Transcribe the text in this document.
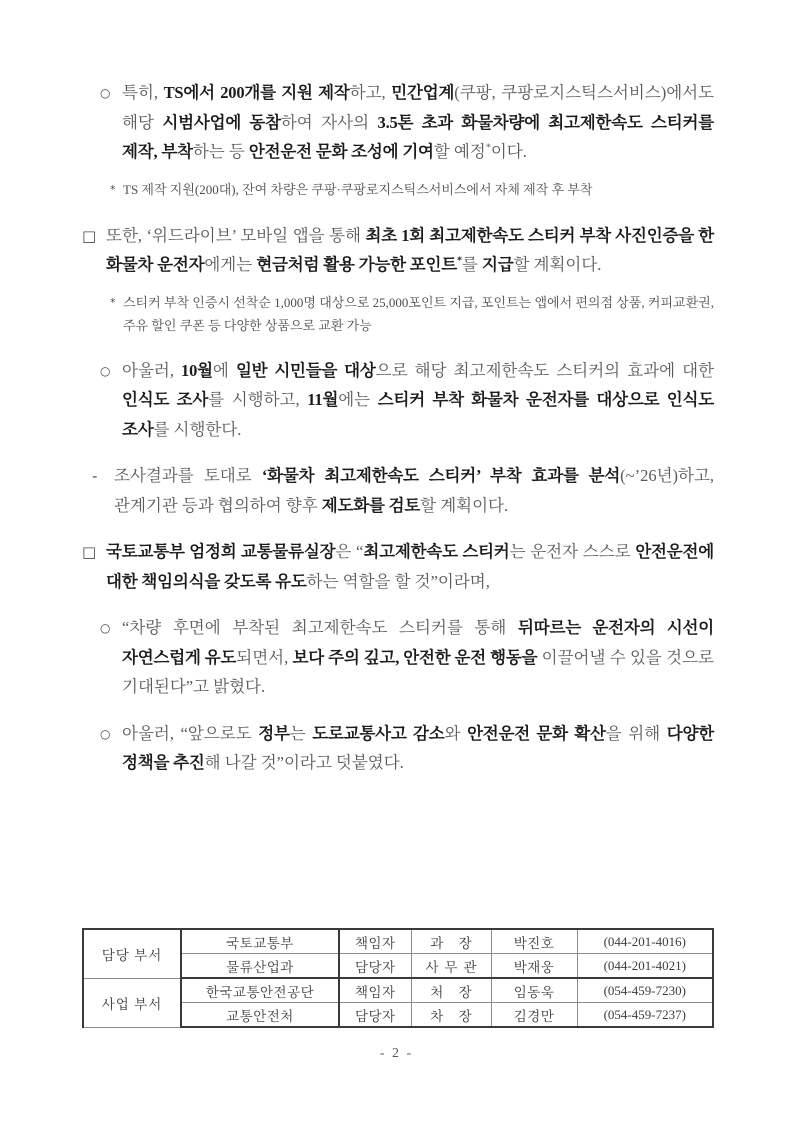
○ 특히, TS에서 200개를 지원 제작하고, 민간업계(쿠팡, 쿠팡로지스틱스서비스)에서도 해당 시범사업에 동참하여 자사의 3.5톤 초과 화물차량에 최고제한속도 스티커를 제작, 부착하는 등 안전운전 문화 조성에 기여할 예정*이다.
* TS 제작 지원(200대), 잔여 차량은 쿠팡·쿠팡로지스틱스서비스에서 자체 제작 후 부착
□ 또한, ‘위드라이브’ 모바일 앱을 통해 최초 1회 최고제한속도 스티커 부착 사진인증을 한 화물차 운전자에게는 현금처럼 활용 가능한 포인트*를 지급할 계획이다.
* 스티커 부착 인증시 선착순 1,000명 대상으로 25,000포인트 지급, 포인트는 앱에서 편의점 상품, 커피교환권, 주유 할인 쿠폰 등 다양한 상품으로 교환 가능
○ 아울러, 10월에 일반 시민들을 대상으로 해당 최고제한속도 스티커의 효과에 대한 인식도 조사를 시행하고, 11월에는 스티커 부착 화물차 운전자를 대상으로 인식도 조사를 시행한다.
-	조사결과를 토대로 ‘화물차 최고제한속도 스티커’ 부착 효과를 분석(~’26년)하고, 관계기관 등과 협의하여 향후 제도화를 검토할 계획이다.
□ 국토교통부 엄정희 교통물류실장은 “최고제한속도 스티커는 운전자 스스로 안전운전에 대한 책임의식을 갖도록 유도하는 역할을 할 것”이라며,
○ “차량 후면에 부착된 최고제한속도 스티커를 통해 뒤따르는 운전자의 시선이 자연스럽게 유도되면서, 보다 주의 깊고, 안전한 운전 행동을 이끌어낼 수 있을 것으로 기대된다”고 밝혔다.
○ 아울러, “앞으로도 정부는 도로교통사고 감소와 안전운전 문화 확산을 위해 다양한 정책을 추진해 나갈 것”이라고 덧붙였다.
담당 부서	국토교통부	책임자	과 장	박진호	(044-201-4016)
	물류산업과	담당자	사무관	박재웅	(044-201-4021)
사업 부서	한국교통안전공단	책임자	처 장	임동욱	(054-459-7230)
	교통안전처	담당자	차 장	김경만	(054-459-7237)
- 2 -
